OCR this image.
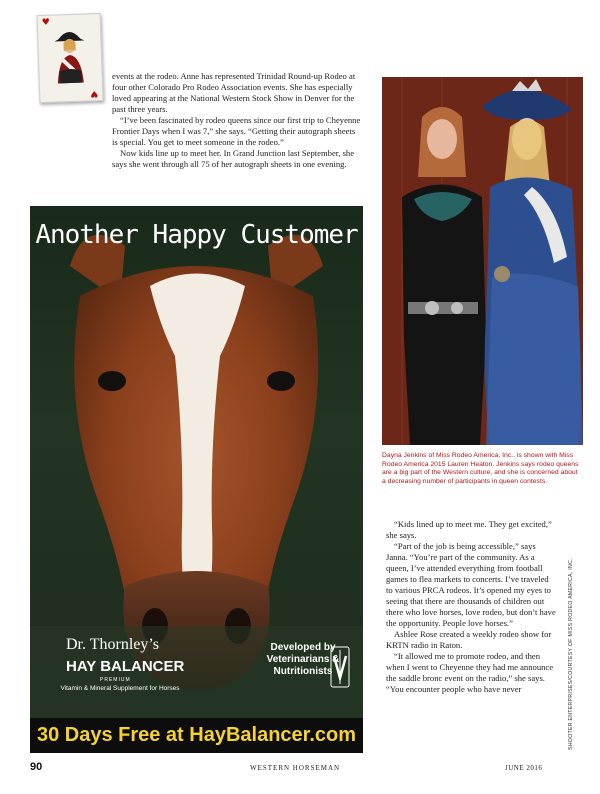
♥
♥

events at the rodeo. Anne has represented Trinidad Round-up Rodeo at four other Colorado Pro Rodeo Association events. She has especially loved appearing at the National Western Stock Show in Denver for the past three years.

“I’ve been fascinated by rodeo queens since our first trip to Cheyenne Frontier Days when I was 7,” she says. “Getting their autograph sheets is special. You get to meet someone in the rodeo.”

Now kids line up to meet her. In Grand Junction last September, she says she went through all 75 of her autograph sheets in one evening.

Another Happy Customer
Dr. Thornley’s
HAY BALANCER
PREMIUM
Vitamin & Mineral Supplement for Horses
Developed by Veterinarians & Nutritionists
30 Days Free at HayBalancer.com
Dayna Jenkins of Miss Rodeo America, Inc., is shown with Miss Rodeo America 2015 Lauren Heaton. Jenkins says rodeo queens are a big part of the Western culture, and she is concerned about a decreasing number of participants in queen contests.

“Kids lined up to meet me. They get excited,” she says.

“Part of the job is being accessible,” says Janna. “You’re part of the community. As a queen, I’ve attended everything from football games to flea markets to concerts. I’ve traveled to various PRCA rodeos. It’s opened my eyes to seeing that there are thousands of children out there who love horses, love rodeo, but don’t have the opportunity. People love horses.”

Ashlee Rose created a weekly rodeo show for KRTN radio in Raton.

“It allowed me to promote rodeo, and then when I went to Cheyenne they had me announce the saddle bronc event on the radio,” she says. “You encounter people who have never	SHOOTER ENTERPRISES/COURTESY OF MISS RODEO AMERICA, INC.
90	WESTERN HORSEMAN	JUNE 2016
